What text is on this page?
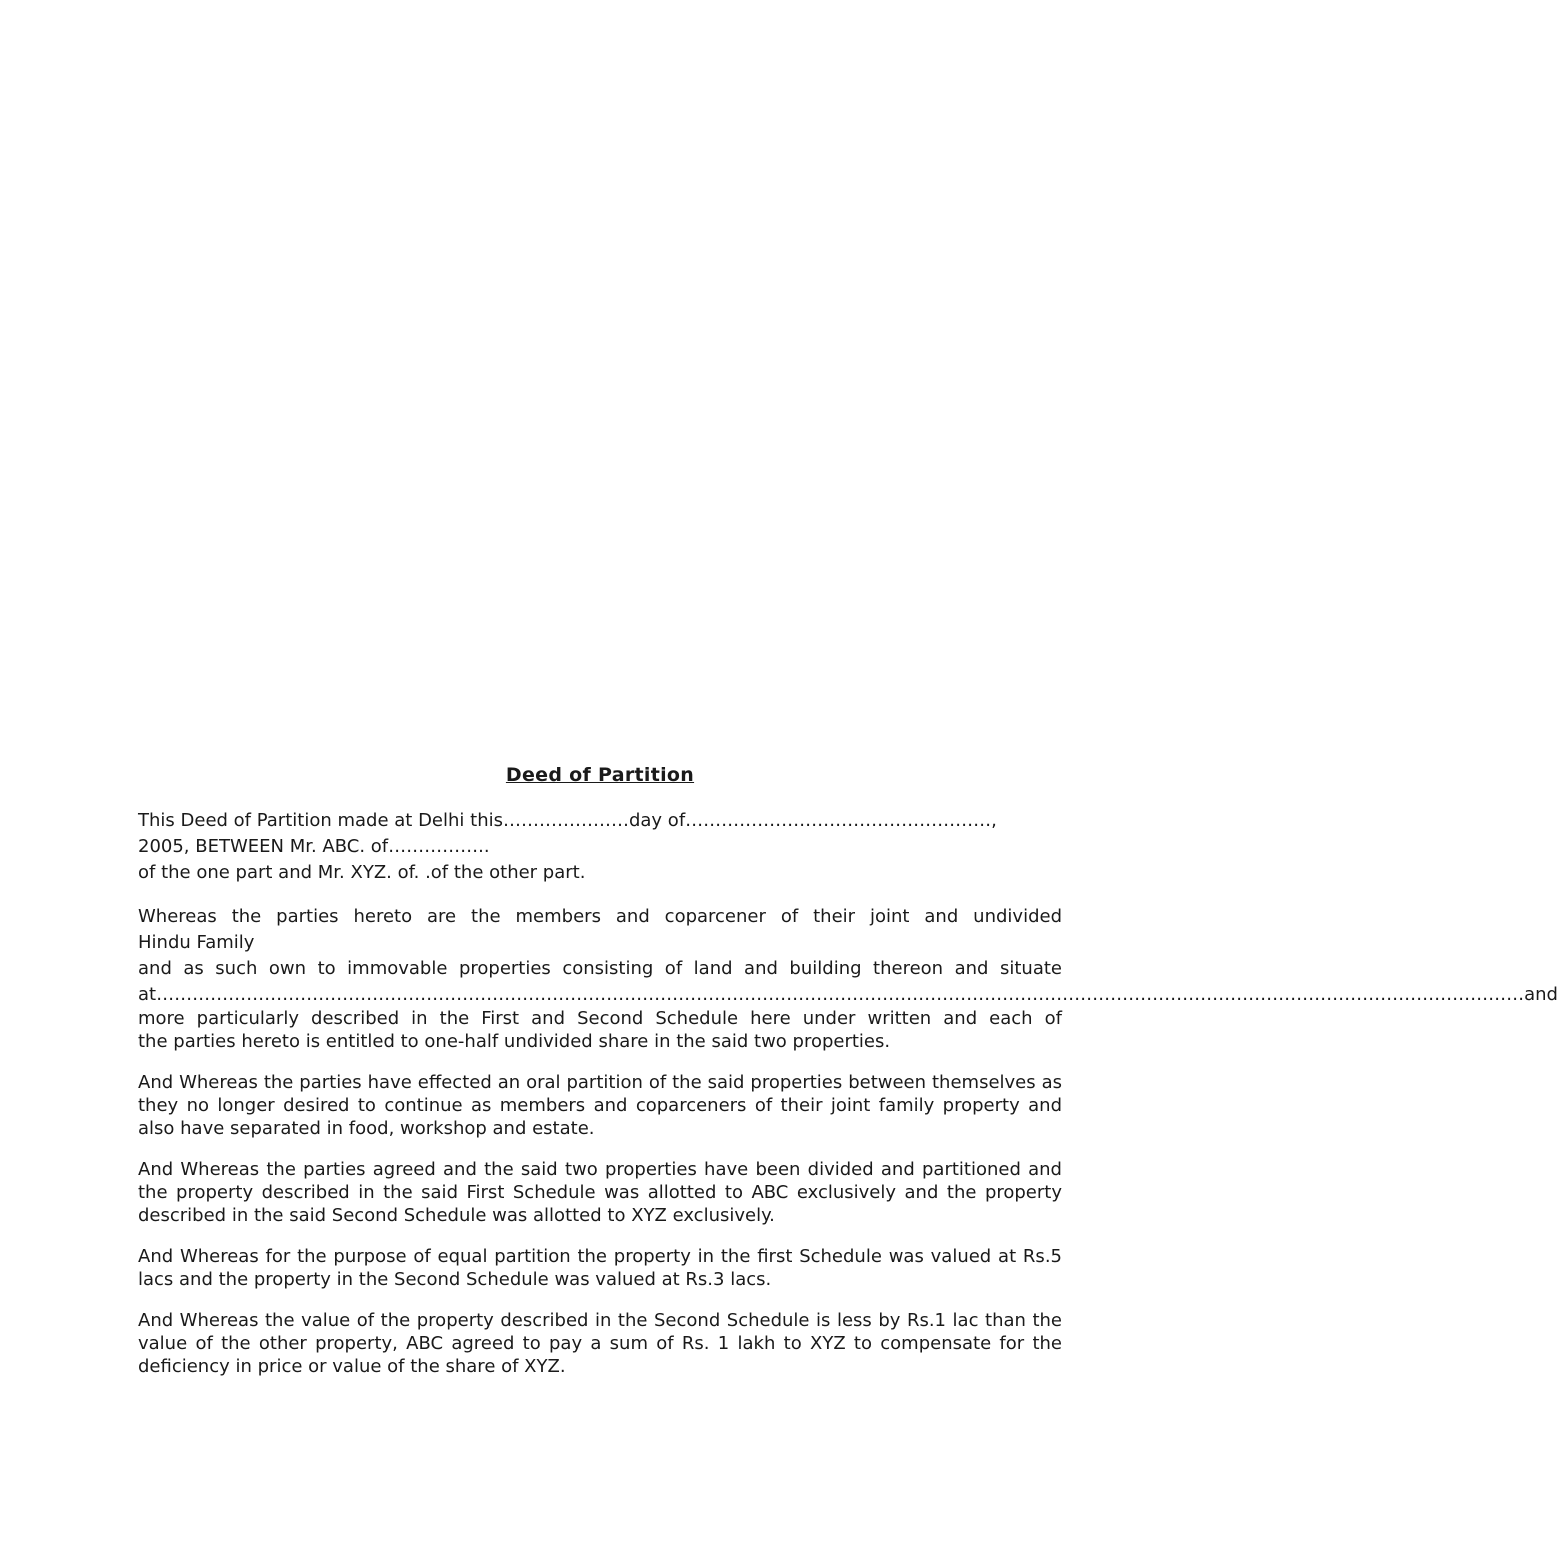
Deed of Partition
This Deed of Partition made at Delhi this…………………day of……………………………………………,
2005, BETWEEN Mr. ABC. of……………..
of the one part and Mr. XYZ. of. .of the other part.
Whereas the parties hereto are the members and coparcener of their joint and undivided
Hindu Family
and as such own to immovable properties consisting of land and building thereon and situate
at ………………………………………………………………………………………………………………………………………………………………………………………………………… and
more particularly described in the First and Second Schedule here under written and each of
the parties hereto is entitled to one-half undivided share in the said two properties.

And Whereas the parties have effected an oral partition of the said properties between themselves as they no longer desired to continue as members and coparceners of their joint family property and also have separated in food, workshop and estate.

And Whereas the parties agreed and the said two properties have been divided and partitioned and the property described in the said First Schedule was allotted to ABC exclusively and the property described in the said Second Schedule was allotted to XYZ exclusively.

And Whereas for the purpose of equal partition the property in the first Schedule was valued at Rs.5 lacs and the property in the Second Schedule was valued at Rs.3 lacs.

And Whereas the value of the property described in the Second Schedule is less by Rs.1 lac than the value of the other property, ABC agreed to pay a sum of Rs. 1 lakh to XYZ to compensate for the deficiency in price or value of the share of XYZ.
